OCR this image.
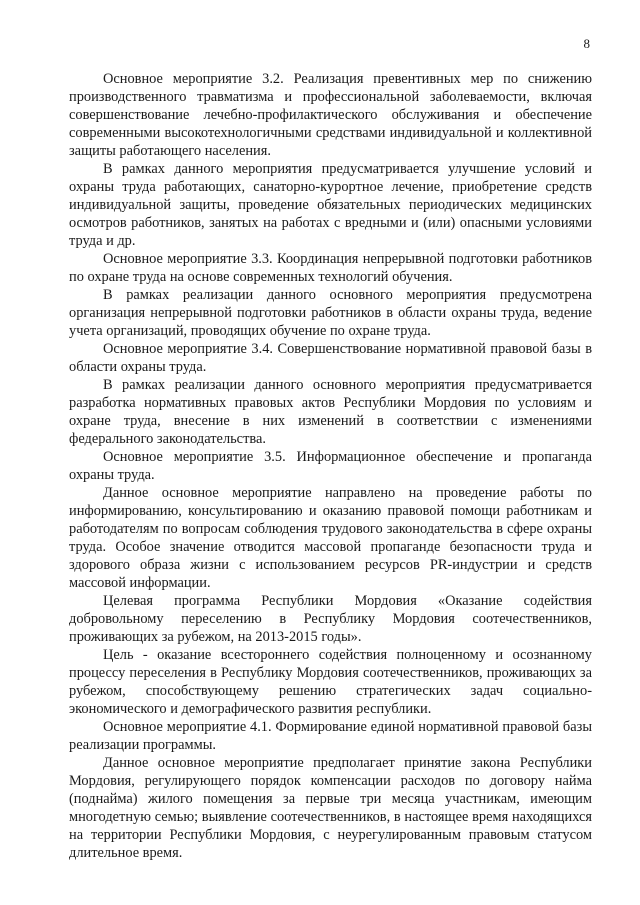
8

Основное мероприятие 3.2. Реализация превентивных мер по снижению производственного травматизма и профессиональной заболеваемости, включая совершенствование лечебно-профилактического обслуживания и обеспечение современными высокотехнологичными средствами индивидуальной и коллективной защиты работающего населения.

В рамках данного мероприятия предусматривается улучшение условий и охраны труда работающих, санаторно-курортное лечение, приобретение средств индивидуальной защиты, проведение обязательных периодических медицинских осмотров работников, занятых на работах с вредными и (или) опасными условиями труда и др.

Основное мероприятие 3.3. Координация непрерывной подготовки работников по охране труда на основе современных технологий обучения.

В рамках реализации данного основного мероприятия предусмотрена организация непрерывной подготовки работников в области охраны труда, ведение учета организаций, проводящих обучение по охране труда.

Основное мероприятие 3.4. Совершенствование нормативной правовой базы в области охраны труда.

В рамках реализации данного основного мероприятия предусматривается разработка нормативных правовых актов Республики Мордовия по условиям и охране труда, внесение в них изменений в соответствии с изменениями федерального законодательства.

Основное мероприятие 3.5. Информационное обеспечение и пропаганда охраны труда.

Данное основное мероприятие направлено на проведение работы по информированию, консультированию и оказанию правовой помощи работникам и работодателям по вопросам соблюдения трудового законодательства в сфере охраны труда. Особое значение отводится массовой пропаганде безопасности труда и здорового образа жизни с использованием ресурсов PR-индустрии и средств массовой информации.

Целевая программа Республики Мордовия «Оказание содействия добровольному переселению в Республику Мордовия соотечественников, проживающих за рубежом, на 2013-2015 годы».

Цель - оказание всестороннего содействия полноценному и осознанному процессу переселения в Республику Мордовия соотечественников, проживающих за рубежом, способствующему решению стратегических задач социально-экономического и демографического развития республики.

Основное мероприятие 4.1. Формирование единой нормативной правовой базы реализации программы.

Данное основное мероприятие предполагает принятие закона Республики Мордовия, регулирующего порядок компенсации расходов по договору найма (поднайма) жилого помещения за первые три месяца участникам, имеющим многодетную семью; выявление соотечественников, в настоящее время находящихся на территории Республики Мордовия, с неурегулированным правовым статусом длительное время.
